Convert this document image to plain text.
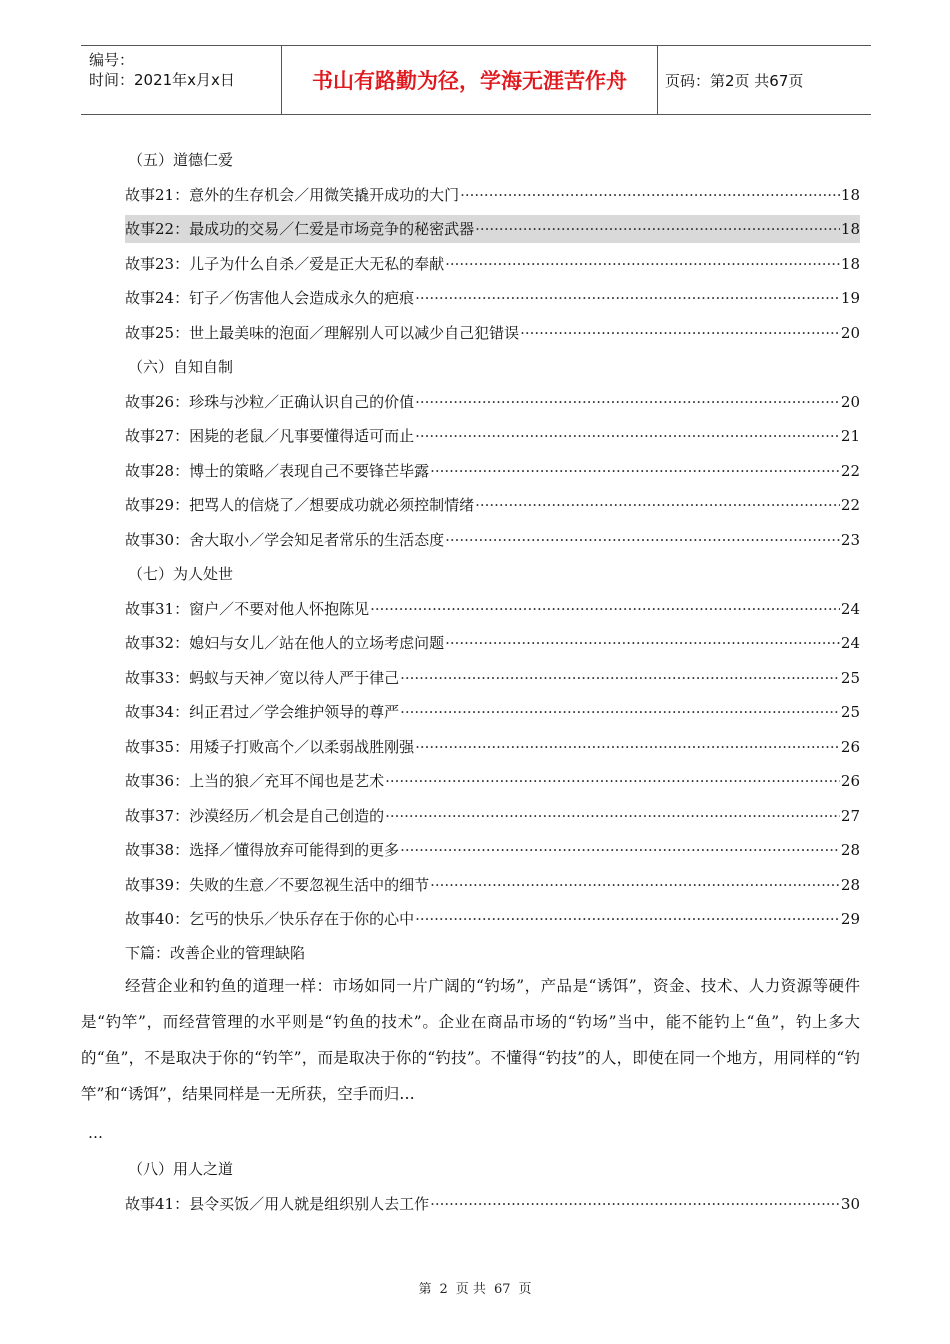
编号：
时间：2021年x月x日	书山有路勤为径，学海无涯苦作舟	页码：第2页 共67页
（五）道德仁爱
故事21：意外的生存机会／用微笑撬开成功的大门 ·····	18
故事22：最成功的交易／仁爱是市场竞争的秘密武器 ·····	18
故事23：儿子为什么自杀／爱是正大无私的奉献 ·····	18
故事24：钉子／伤害他人会造成永久的疤痕 ·····	19
故事25：世上最美味的泡面／理解别人可以减少自己犯错误 ·····	20
（六）自知自制
故事26：珍珠与沙粒／正确认识自己的价值 ·····	20
故事27：困毙的老鼠／凡事要懂得适可而止 ·····	21
故事28：博士的策略／表现自己不要锋芒毕露 ·····	22
故事29：把骂人的信烧了／想要成功就必须控制情绪 ·····	22
故事30：舍大取小／学会知足者常乐的生活态度 ·····	23
（七）为人处世
故事31：窗户／不要对他人怀抱陈见 ·····	24
故事32：媳妇与女儿／站在他人的立场考虑问题 ·····	24
故事33：蚂蚁与天神／宽以待人严于律己 ·····	25
故事34：纠正君过／学会维护领导的尊严 ·····	25
故事35：用矮子打败高个／以柔弱战胜刚强 ·····	26
故事36：上当的狼／充耳不闻也是艺术 ·····	26
故事37：沙漠经历／机会是自己创造的 ·····	27
故事38：选择／懂得放弃可能得到的更多 ·····	28
故事39：失败的生意／不要忽视生活中的细节 ·····	28
故事40：乞丐的快乐／快乐存在于你的心中 ·····	29
下篇：改善企业的管理缺陷
经营企业和钓鱼的道理一样：市场如同一片广阔的“钓场”，产品是“诱饵”，资金、技术、人力资源等硬件是“钓竿”，而经营管理的水平则是“钓鱼的技术”。企业在商品市场的“钓场”当中，能不能钓上“鱼”，钓上多大的“鱼”，不是取决于你的“钓竿”，而是取决于你的“钓技”。不懂得“钓技”的人，即使在同一个地方，用同样的“钓竿”和“诱饵”，结果同样是一无所获，空手而归…
…
（八）用人之道
故事41：县令买饭／用人就是组织别人去工作 ·····	30
第 2 页 共 67 页
